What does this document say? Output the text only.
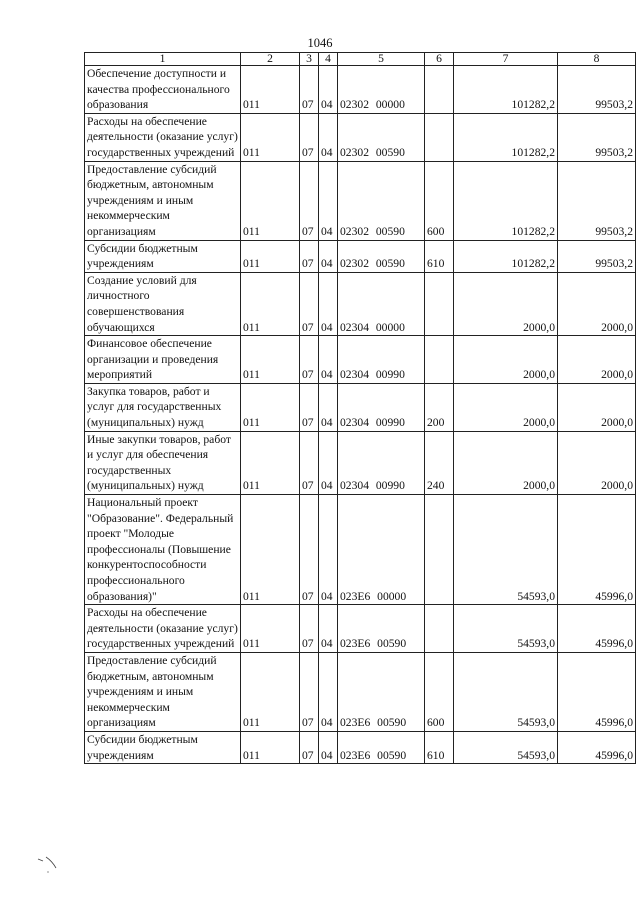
1046
1	2	3	4	5	6	7	8
Обеспечение доступности и качества профессионального образования	011	07	04	02302 00000		101282,2	99503,2
Расходы на обеспечение деятельности (оказание услуг) государственных учреждений	011	07	04	02302 00590		101282,2	99503,2
Предоставление субсидий бюджетным, автономным учреждениям и иным некоммерческим организациям	011	07	04	02302 00590	600	101282,2	99503,2
Субсидии бюджетным учреждениям	011	07	04	02302 00590	610	101282,2	99503,2
Создание условий для личностного совершенствования обучающихся	011	07	04	02304 00000		2000,0	2000,0
Финансовое обеспечение организации и проведения мероприятий	011	07	04	02304 00990		2000,0	2000,0
Закупка товаров, работ и услуг для государственных (муниципальных) нужд	011	07	04	02304 00990	200	2000,0	2000,0
Иные закупки товаров, работ и услуг для обеспечения государственных (муниципальных) нужд	011	07	04	02304 00990	240	2000,0	2000,0
Национальный проект "Образование". Федеральный проект "Молодые профессионалы (Повышение конкурентоспособности профессионального образования)"	011	07	04	023E6 00000		54593,0	45996,0
Расходы на обеспечение деятельности (оказание услуг) государственных учреждений	011	07	04	023E6 00590		54593,0	45996,0
Предоставление субсидий бюджетным, автономным учреждениям и иным некоммерческим организациям	011	07	04	023E6 00590	600	54593,0	45996,0
Субсидии бюджетным учреждениям	011	07	04	023E6 00590	610	54593,0	45996,0
